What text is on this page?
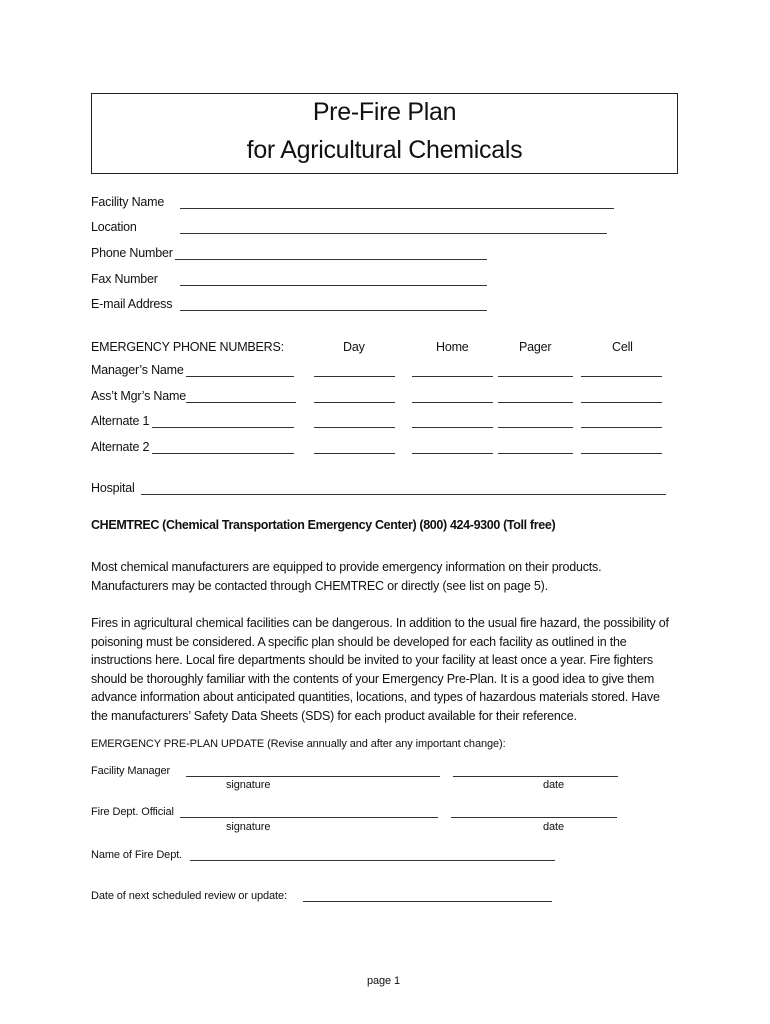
Pre-Fire Plan
for Agricultural Chemicals
Facility Name
Location
Phone Number
Fax Number
E-mail Address
EMERGENCY PHONE NUMBERS:	Day	Home	Pager	Cell
Manager’s Name
Ass’t Mgr’s Name
Alternate 1
Alternate 2
Hospital
CHEMTREC (Chemical Transportation Emergency Center) (800) 424-9300 (Toll free)
Most chemical manufacturers are equipped to provide emergency information on their products. Manufacturers may be contacted through CHEMTREC or directly (see list on page 5).
Fires in agricultural chemical facilities can be dangerous. In addition to the usual fire hazard, the possibility of poisoning must be considered. A specific plan should be developed for each facility as outlined in the instructions here. Local fire departments should be invited to your facility at least once a year. Fire fighters should be thoroughly familiar with the contents of your Emergency Pre-Plan. It is a good idea to give them advance information about anticipated quantities, locations, and types of hazardous materials stored. Have the manufacturers’ Safety Data Sheets (SDS) for each product available for their reference.
EMERGENCY PRE-PLAN UPDATE (Revise annually and after any important change):
Facility Manager
signature	date
Fire Dept. Official
signature	date
Name of Fire Dept.
Date of next scheduled review or update:
page 1
